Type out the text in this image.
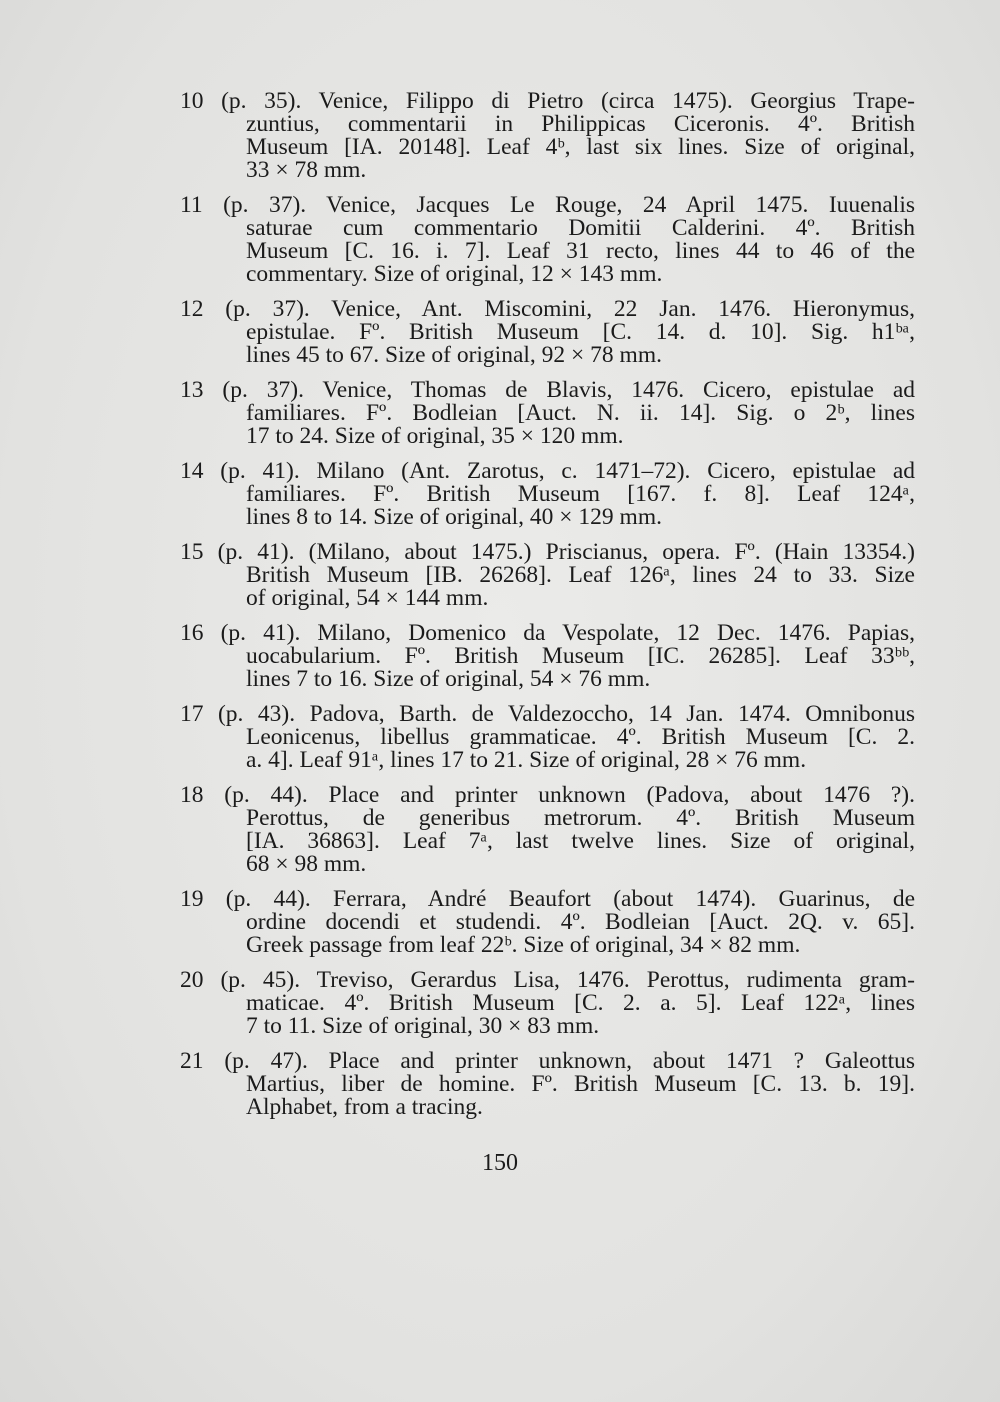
10 (p. 35). Venice, Filippo di Pietro (circa 1475). Georgius Trape-
zuntius, commentarii in Philippicas Ciceronis. 4º. British
Museum [IA. 20148]. Leaf 4ᵇ, last six lines. Size of original,
33 × 78 mm.
11 (p. 37). Venice, Jacques Le Rouge, 24 April 1475. Iuuenalis
saturae cum commentario Domitii Calderini. 4º. British
Museum [C. 16. i. 7]. Leaf 31 recto, lines 44 to 46 of the
commentary. Size of original, 12 × 143 mm.
12 (p. 37). Venice, Ant. Miscomini, 22 Jan. 1476. Hieronymus,
epistulae. Fº. British Museum [C. 14. d. 10]. Sig. h1ᵇᵃ,
lines 45 to 67. Size of original, 92 × 78 mm.
13 (p. 37). Venice, Thomas de Blavis, 1476. Cicero, epistulae ad
familiares. Fº. Bodleian [Auct. N. ii. 14]. Sig. o 2ᵇ, lines
17 to 24. Size of original, 35 × 120 mm.
14 (p. 41). Milano (Ant. Zarotus, c. 1471–72). Cicero, epistulae ad
familiares. Fº. British Museum [167. f. 8]. Leaf 124ᵃ,
lines 8 to 14. Size of original, 40 × 129 mm.
15 (p. 41). (Milano, about 1475.) Priscianus, opera. Fº. (Hain 13354.)
British Museum [IB. 26268]. Leaf 126ᵃ, lines 24 to 33. Size
of original, 54 × 144 mm.
16 (p. 41). Milano, Domenico da Vespolate, 12 Dec. 1476. Papias,
uocabularium. Fº. British Museum [IC. 26285]. Leaf 33ᵇᵇ,
lines 7 to 16. Size of original, 54 × 76 mm.
17 (p. 43). Padova, Barth. de Valdezoccho, 14 Jan. 1474. Omnibonus
Leonicenus, libellus grammaticae. 4º. British Museum [C. 2.
a. 4]. Leaf 91ᵃ, lines 17 to 21. Size of original, 28 × 76 mm.
18 (p. 44). Place and printer unknown (Padova, about 1476 ?).
Perottus, de generibus metrorum. 4º. British Museum
[IA. 36863]. Leaf 7ᵃ, last twelve lines. Size of original,
68 × 98 mm.
19 (p. 44). Ferrara, André Beaufort (about 1474). Guarinus, de
ordine docendi et studendi. 4º. Bodleian [Auct. 2Q. v. 65].
Greek passage from leaf 22ᵇ. Size of original, 34 × 82 mm.
20 (p. 45). Treviso, Gerardus Lisa, 1476. Perottus, rudimenta gram-
maticae. 4º. British Museum [C. 2. a. 5]. Leaf 122ᵃ, lines
7 to 11. Size of original, 30 × 83 mm.
21 (p. 47). Place and printer unknown, about 1471 ? Galeottus
Martius, liber de homine. Fº. British Museum [C. 13. b. 19].
Alphabet, from a tracing.
150
